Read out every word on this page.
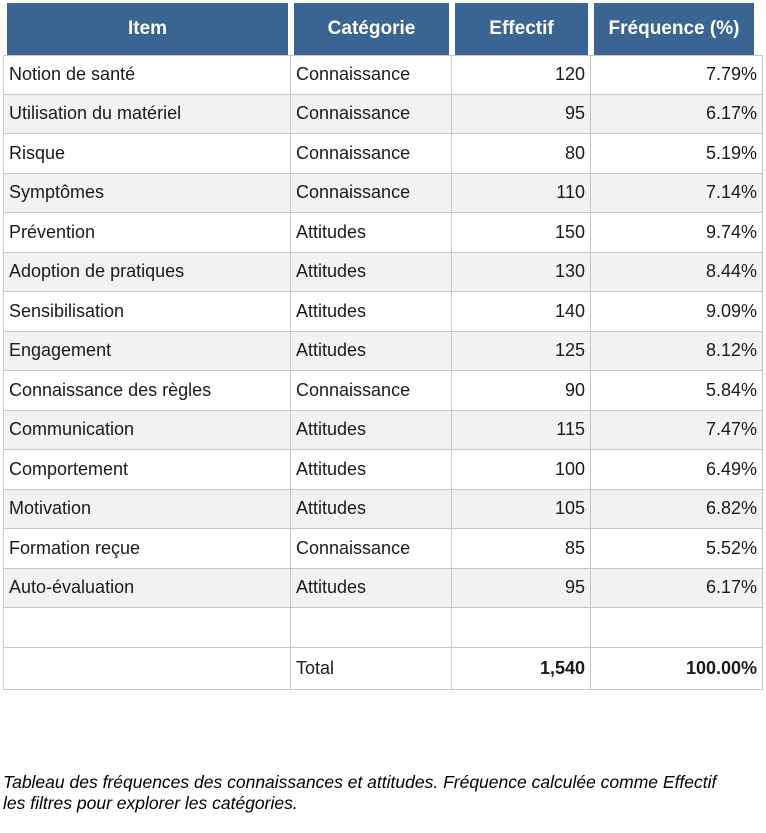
Item	Catégorie	Effectif	Fréquence (%)
Notion de santé	Connaissance	120	7.79%
Utilisation du matériel	Connaissance	95	6.17%
Risque	Connaissance	80	5.19%
Symptômes	Connaissance	110	7.14%
Prévention	Attitudes	150	9.74%
Adoption de pratiques	Attitudes	130	8.44%
Sensibilisation	Attitudes	140	9.09%
Engagement	Attitudes	125	8.12%
Connaissance des règles	Connaissance	90	5.84%
Communication	Attitudes	115	7.47%
Comportement	Attitudes	100	6.49%
Motivation	Attitudes	105	6.82%
Formation reçue	Connaissance	85	5.52%
Auto-évaluation	Attitudes	95	6.17%

	Total	1,540	100.00%
Tableau des fréquences des connaissances et attitudes. Fréquence calculée comme Effectif
les filtres pour explorer les catégories.
